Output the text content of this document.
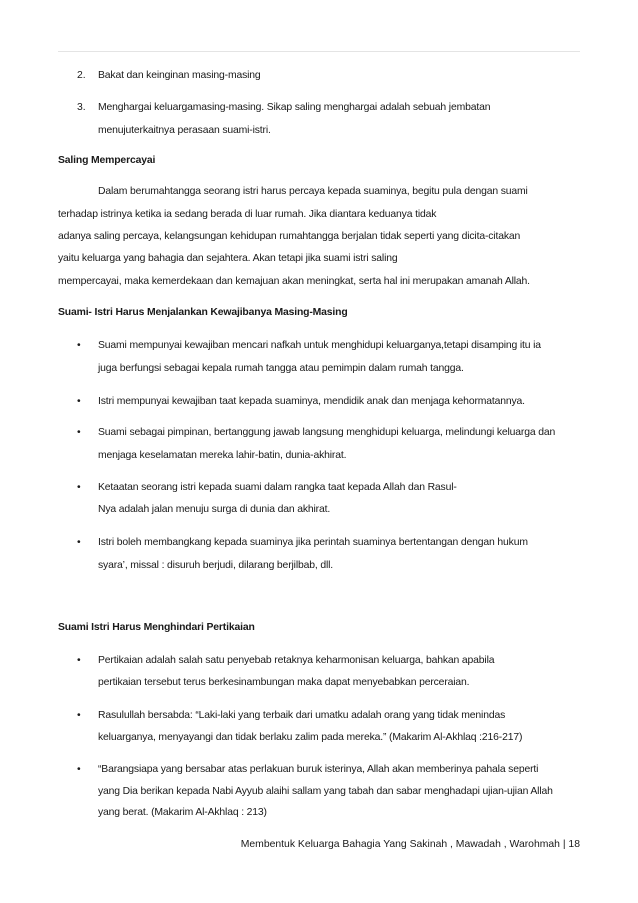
2. Bakat dan keinginan masing-masing
3. Menghargai keluargamasing-masing. Sikap saling menghargai adalah sebuah jembatan
menujuterkaitnya perasaan suami-istri.
Saling Mempercayai
Dalam berumahtangga seorang istri harus percaya kepada suaminya, begitu pula dengan suami
terhadap istrinya ketika ia sedang berada di luar rumah. Jika diantara keduanya tidak
adanya saling percaya, kelangsungan kehidupan rumahtangga berjalan tidak seperti yang dicita-citakan
yaitu keluarga yang bahagia dan sejahtera. Akan tetapi jika suami istri saling
mempercayai, maka kemerdekaan dan kemajuan akan meningkat, serta hal ini merupakan amanah Allah.
Suami- Istri Harus Menjalankan Kewajibanya Masing-Masing
• Suami mempunyai kewajiban mencari nafkah untuk menghidupi keluarganya,tetapi disamping itu ia
juga berfungsi sebagai kepala rumah tangga atau pemimpin dalam rumah tangga.
• Istri mempunyai kewajiban taat kepada suaminya, mendidik anak dan menjaga kehormatannya.
• Suami sebagai pimpinan, bertanggung jawab langsung menghidupi keluarga, melindungi keluarga dan
menjaga keselamatan mereka lahir-batin, dunia-akhirat.
• Ketaatan seorang istri kepada suami dalam rangka taat kepada Allah dan Rasul-
Nya adalah jalan menuju surga di dunia dan akhirat.
• Istri boleh membangkang kepada suaminya jika perintah suaminya bertentangan dengan hukum
syara’, missal : disuruh berjudi, dilarang berjilbab, dll.
Suami Istri Harus Menghindari Pertikaian
• Pertikaian adalah salah satu penyebab retaknya keharmonisan keluarga, bahkan apabila
pertikaian tersebut terus berkesinambungan maka dapat menyebabkan perceraian.
• Rasulullah bersabda: “Laki-laki yang terbaik dari umatku adalah orang yang tidak menindas
keluarganya, menyayangi dan tidak berlaku zalim pada mereka.” (Makarim Al-Akhlaq :216-217)
• “Barangsiapa yang bersabar atas perlakuan buruk isterinya, Allah akan memberinya pahala seperti
yang Dia berikan kepada Nabi Ayyub alaihi sallam yang tabah dan sabar menghadapi ujian-ujian Allah
yang berat. (Makarim Al-Akhlaq : 213)
Membentuk Keluarga Bahagia Yang Sakinah , Mawadah , Warohmah | 18
